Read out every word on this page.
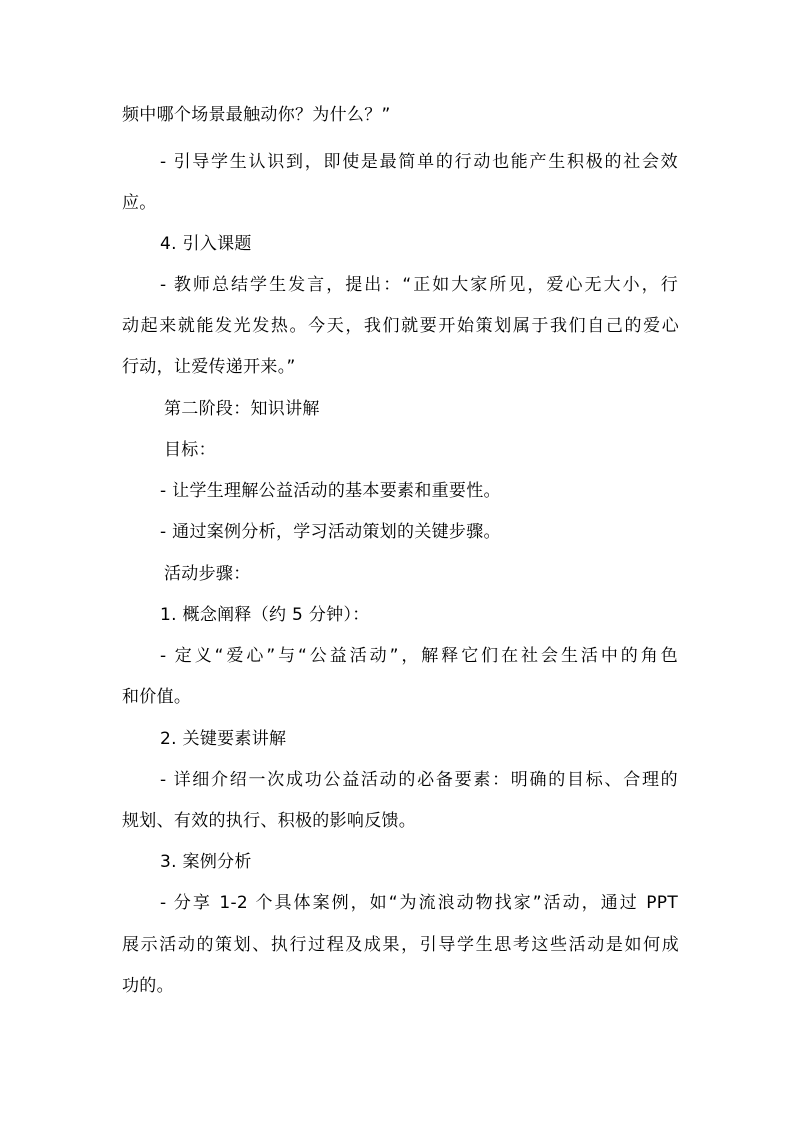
频中哪个场景最触动你？为什么？”
- 引导学生认识到，即使是最简单的行动也能产生积极的社会效
应。
4. 引入课题
- 教师总结学生发言，提出：“正如大家所见，爱心无大小，行
动起来就能发光发热。今天，我们就要开始策划属于我们自己的爱心
行动，让爱传递开来。”
第二阶段：知识讲解
目标：
- 让学生理解公益活动的基本要素和重要性。
- 通过案例分析，学习活动策划的关键步骤。
活动步骤：
1. 概念阐释（约 5 分钟）：
- 定义“爱心”与“公益活动”，解释它们在社会生活中的角色
和价值。
2. 关键要素讲解
- 详细介绍一次成功公益活动的必备要素：明确的目标、合理的
规划、有效的执行、积极的影响反馈。
3. 案例分析
- 分享 1-2 个具体案例，如“为流浪动物找家”活动，通过 PPT
展示活动的策划、执行过程及成果，引导学生思考这些活动是如何成
功的。
